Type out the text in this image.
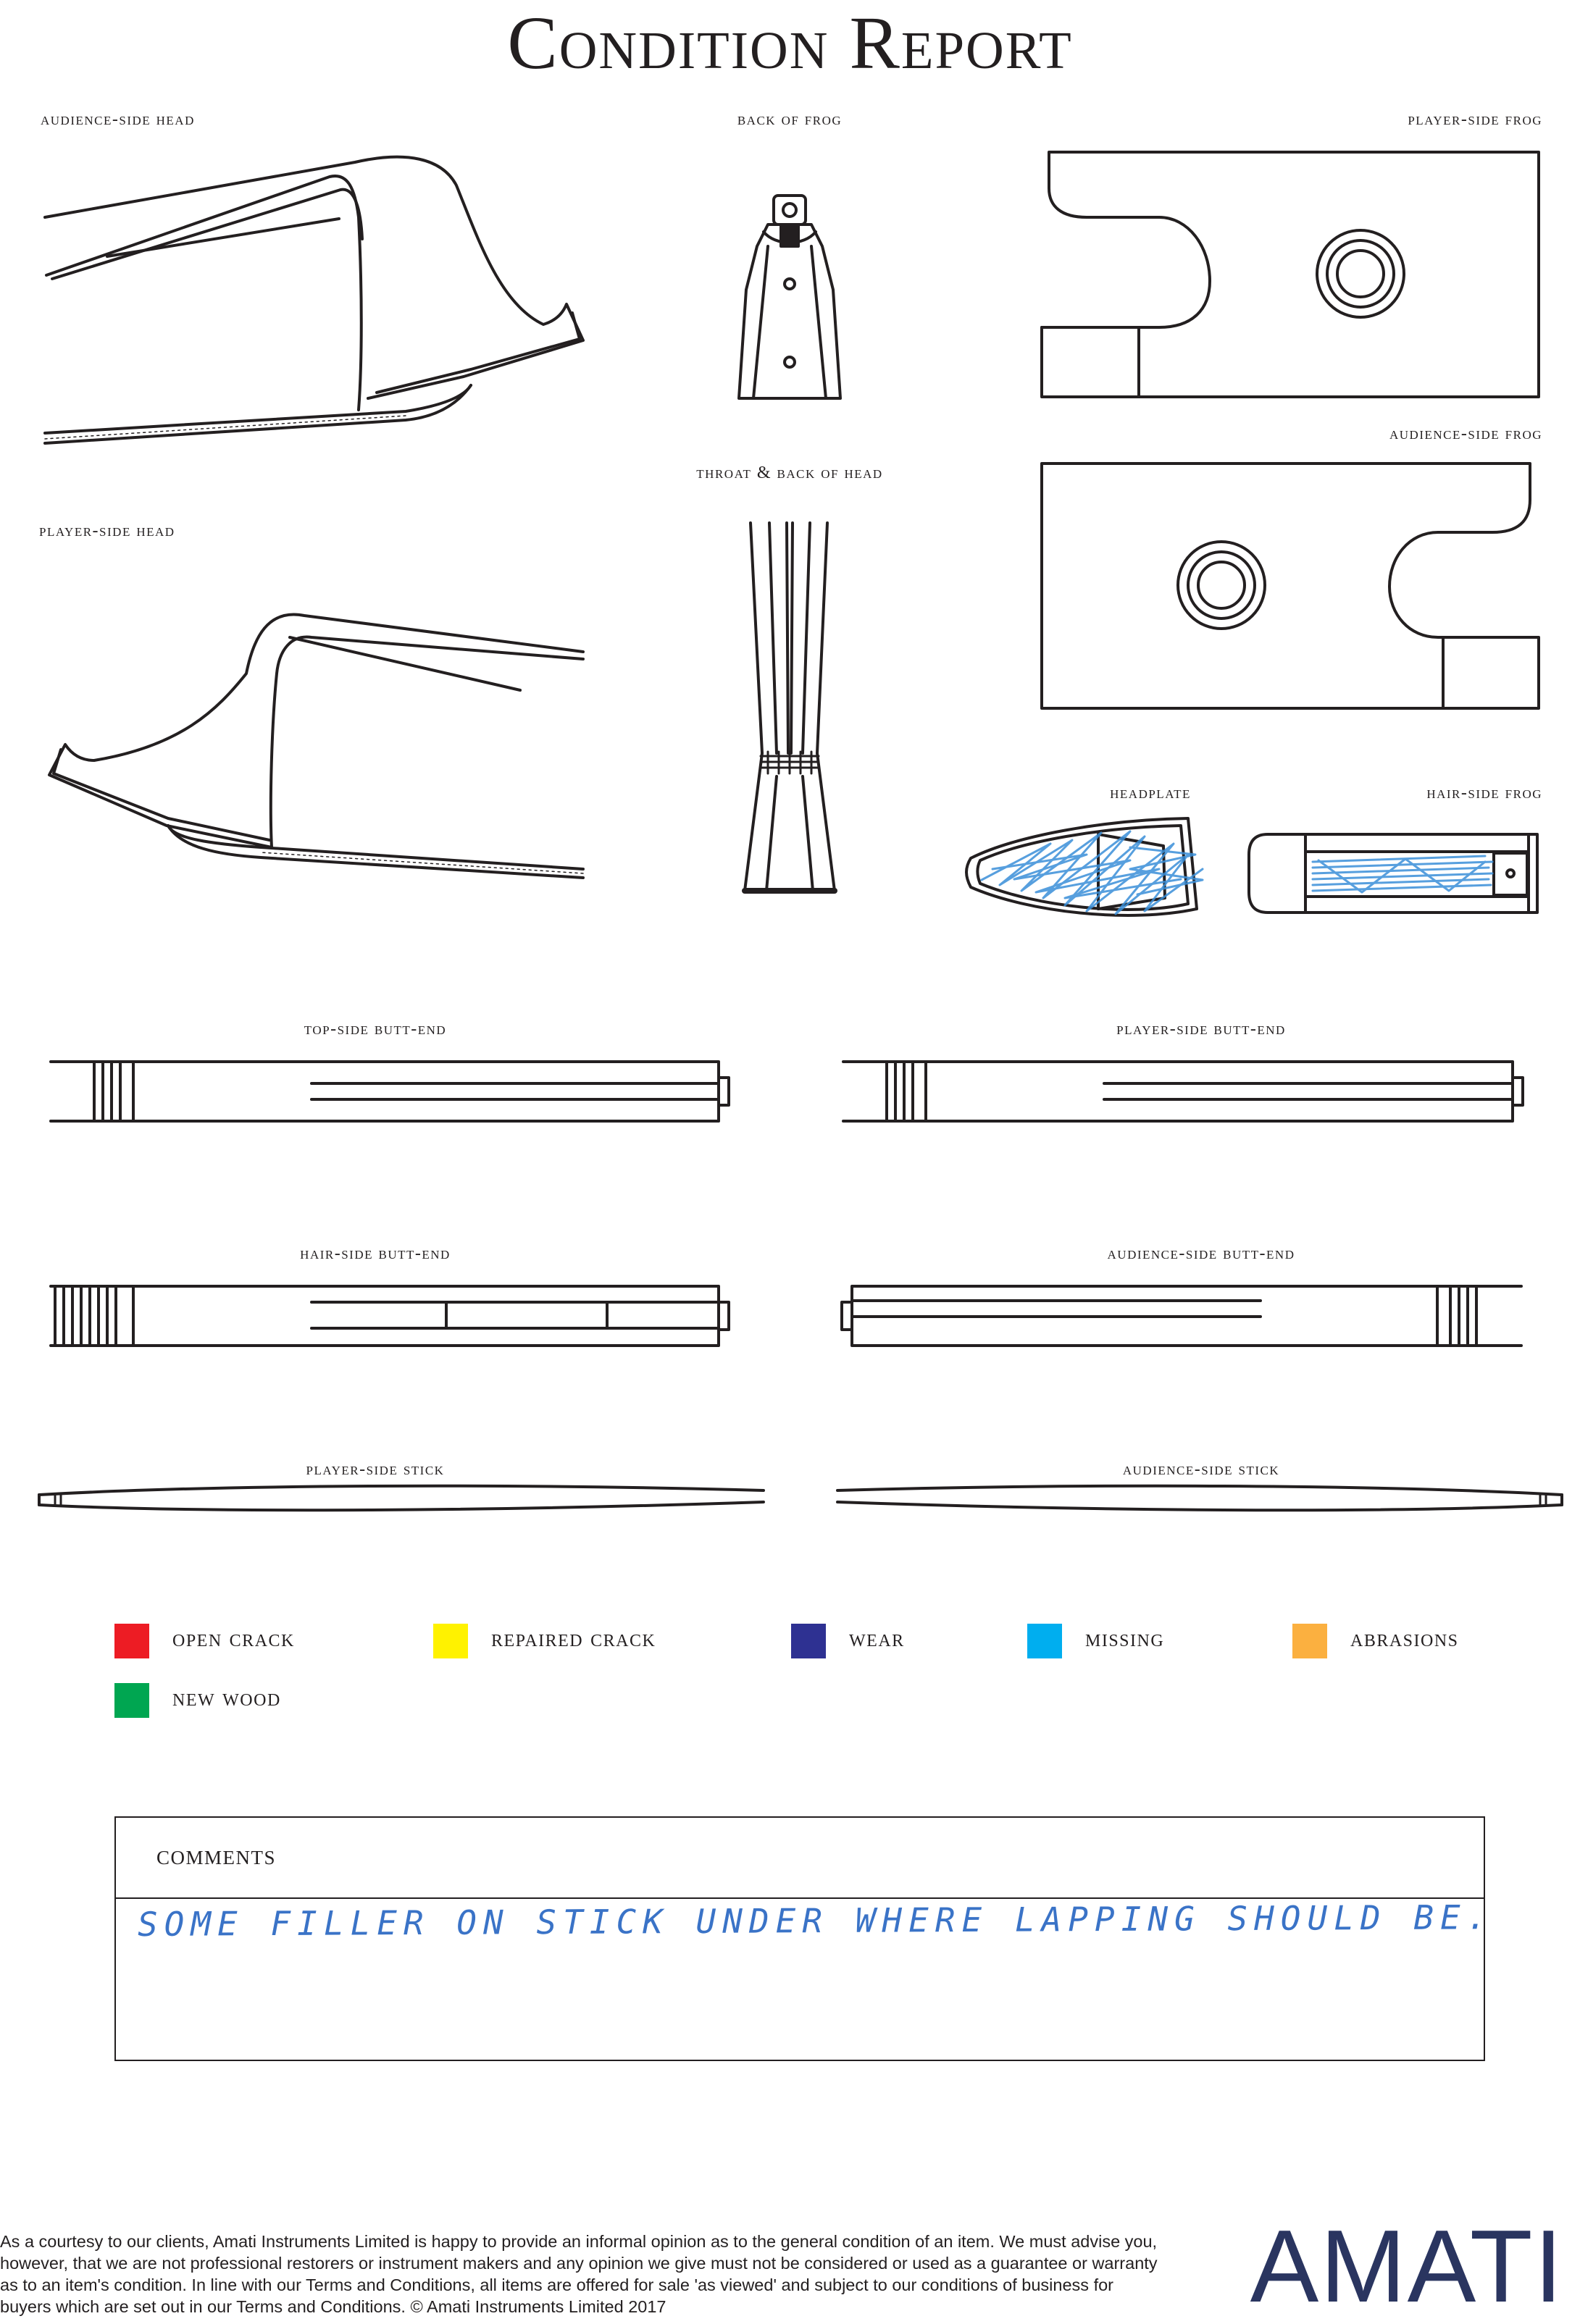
Condition Report
audience-side head	back of frog	player-side frog
audience-side frog
throat & back of head
player-side head
headplate	hair-side frog
top-side butt-end	player-side butt-end
hair-side butt-end	audience-side butt-end
player-side stick	audience-side stick
open crack	repaired crack	wear	missing	abrasions
new wood
comments
SOME FILLER ON STICK UNDER WHERE LAPPING SHOULD BE.
As a courtesy to our clients, Amati Instruments Limited is happy to provide an informal opinion as to the general condition of an item. We must advise you, however, that we are not professional restorers or instrument makers and any opinion we give must not be considered or used as a guarantee or warranty as to an item's condition. In line with our Terms and Conditions, all items are offered for sale 'as viewed' and subject to our conditions of business for buyers which are set out in our Terms and Conditions. © Amati Instruments Limited 2017	AMATI
